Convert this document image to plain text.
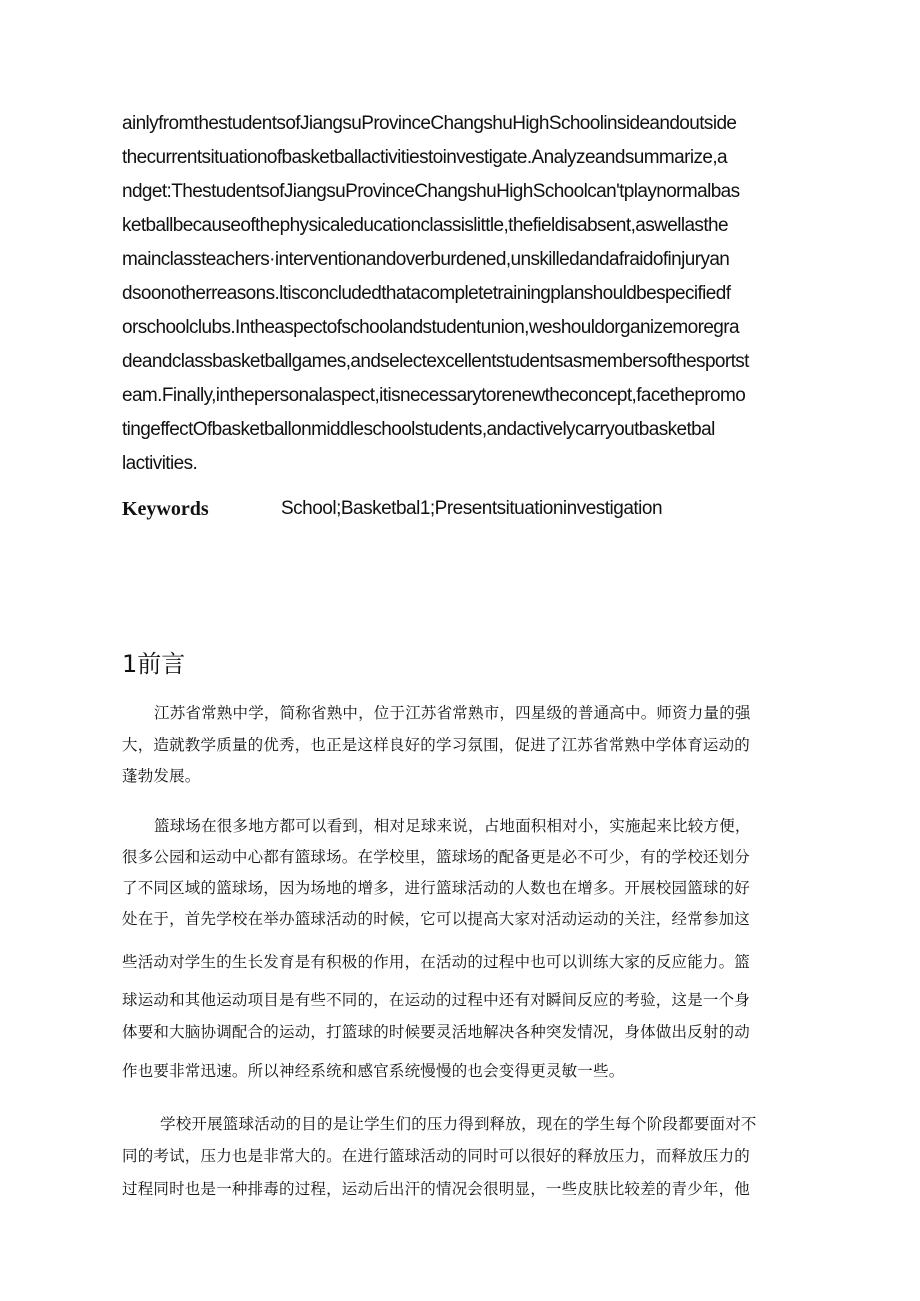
ainlyfromthestudentsofJiangsuProvinceChangshuHighSchoolinsideandoutside
thecurrentsituationofbasketballactivitiestoinvestigate.Analyzeandsummarize,a
ndget:ThestudentsofJiangsuProvinceChangshuHighSchoolcan'tplaynormalbas
ketballbecauseofthephysicaleducationclassislittle,thefieldisabsent,aswellasthe
mainclassteachers·interventionandoverburdened,unskilledandafraidofinjuryan
dsoonotherreasons.ltisconcludedthatacompletetrainingplanshouldbespecifiedf
orschoolclubs.Intheaspectofschoolandstudentunion,weshouldorganizemoregra
deandclassbasketballgames,andselectexcellentstudentsasmembersofthesportst
eam.Finally,inthepersonalaspect,itisnecessarytorenewtheconcept,facethepromo
tingeffectOfbasketballonmiddleschoolstudents,andactivelycarryoutbasketbal
lactivities.
Keywords	School;Basketbal1;Presentsituationinvestigation
1前言
江苏省常熟中学，简称省熟中，位于江苏省常熟市，四星级的普通高中。师资力量的强
大，造就教学质量的优秀，也正是这样良好的学习氛围，促进了江苏省常熟中学体育运动的
蓬勃发展。
篮球场在很多地方都可以看到，相对足球来说，占地面积相对小，实施起来比较方便，
很多公园和运动中心都有篮球场。在学校里，篮球场的配备更是必不可少，有的学校还划分
了不同区域的篮球场，因为场地的增多，进行篮球活动的人数也在增多。开展校园篮球的好
处在于，首先学校在举办篮球活动的时候，它可以提高大家对活动运动的关注，经常参加这
些活动对学生的生长发育是有积极的作用，在活动的过程中也可以训练大家的反应能力。篮
球运动和其他运动项目是有些不同的，在运动的过程中还有对瞬间反应的考验，这是一个身
体要和大脑协调配合的运动，打篮球的时候要灵活地解决各种突发情况，身体做出反射的动
作也要非常迅速。所以神经系统和感官系统慢慢的也会变得更灵敏一些。
学校开展篮球活动的目的是让学生们的压力得到释放，现在的学生每个阶段都要面对不
同的考试，压力也是非常大的。在进行篮球活动的同时可以很好的释放压力，而释放压力的
过程同时也是一种排毒的过程，运动后出汗的情况会很明显，一些皮肤比较差的青少年，他
